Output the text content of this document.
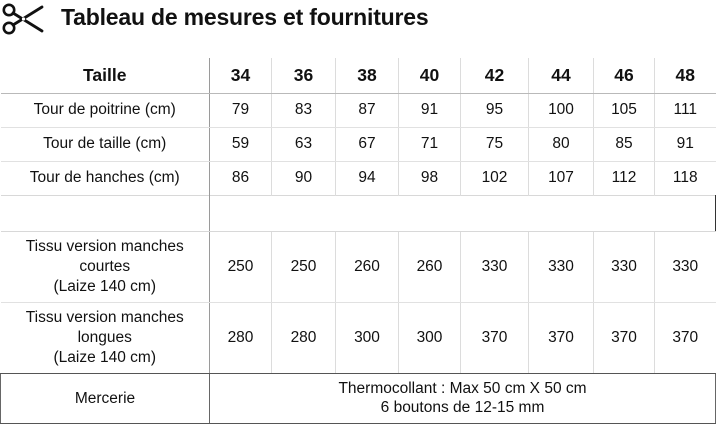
Tableau de mesures et fournitures
Taille	34	36	38	40	42	44	46	48
Tour de poitrine (cm)	79	83	87	91	95	100	105	111
Tour de taille (cm)	59	63	67	71	75	80	85	91
Tour de hanches (cm)	86	90	94	98	102	107	112	118

Tissu version manches
courtes
(Laize 140 cm)	250	250	260	260	330	330	330	330
Tissu version manches
longues
(Laize 140 cm)	280	280	300	300	370	370	370	370
Mercerie	Thermocollant : Max 50 cm X 50 cm
6 boutons de 12-15 mm							
